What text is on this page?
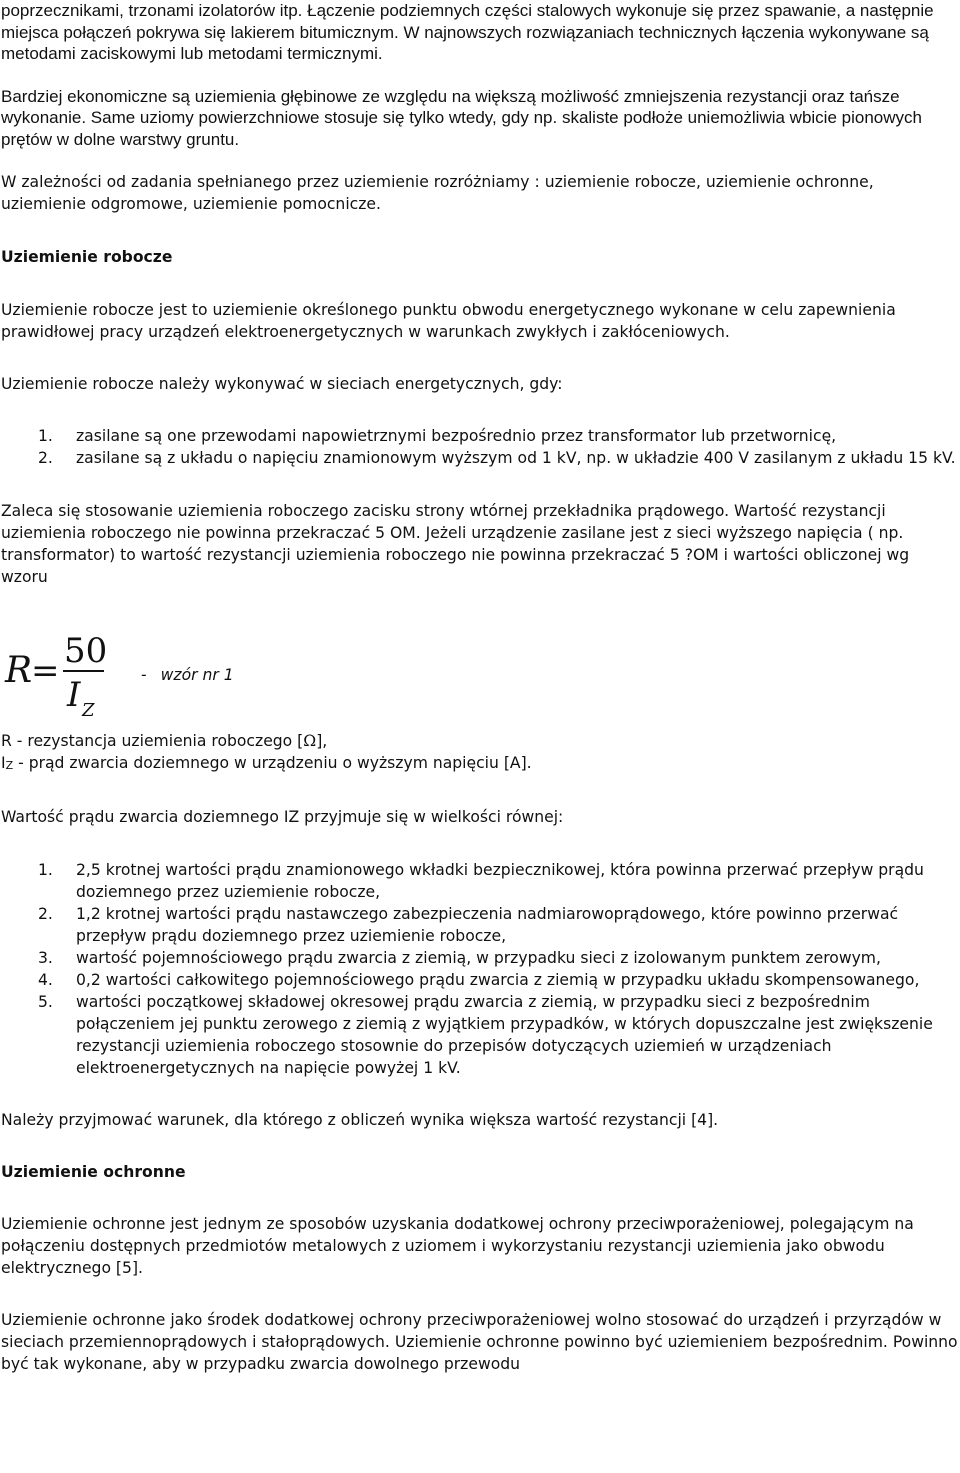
poprzecznikami, trzonami izolatorów itp. Łączenie podziemnych części stalowych wykonuje się przez spawanie, a następnie miejsca połączeń pokrywa się lakierem bitumicznym. W najnowszych rozwiązaniach technicznych łączenia wykonywane są metodami zaciskowymi lub metodami termicznymi.

Bardziej ekonomiczne są uziemienia głębinowe ze względu na większą możliwość zmniejszenia rezystancji oraz tańsze wykonanie. Same uziomy powierzchniowe stosuje się tylko wtedy, gdy np. skaliste podłoże uniemożliwia wbicie pionowych prętów w dolne warstwy gruntu.

W zależności od zadania spełnianego przez uziemienie rozróżniamy : uziemienie robocze, uziemienie ochronne, uziemienie odgromowe, uziemienie pomocnicze.

Uziemienie robocze

Uziemienie robocze jest to uziemienie określonego punktu obwodu energetycznego wykonane w celu zapewnienia prawidłowej pracy urządzeń elektroenergetycznych w warunkach zwykłych i zakłóceniowych.

Uziemienie robocze należy wykonywać w sieciach energetycznych, gdy:

1. zasilane są one przewodami napowietrznymi bezpośrednio przez transformator lub przetwornicę,
2. zasilane są z układu o napięciu znamionowym wyższym od 1 kV, np. w układzie 400 V zasilanym z układu 15 kV.

Zaleca się stosowanie uziemienia roboczego zacisku strony wtórnej przekładnika prądowego. Wartość rezystancji uziemienia roboczego nie powinna przekraczać 5 OM. Jeżeli urządzenie zasilane jest z sieci wyższego napięcia ( np. transformator) to wartość rezystancji uziemienia roboczego nie powinna przekraczać 5 ?OM i wartości obliczonej wg wzoru

R
= 50
I Z
- wzór nr 1

R - rezystancja uziemienia roboczego [Ω],

$I_Z$ - prąd zwarcia doziemnego w urządzeniu o wyższym napięciu [A].

Wartość prądu zwarcia doziemnego IZ przyjmuje się w wielkości równej:

1. 2,5 krotnej wartości prądu znamionowego wkładki bezpiecznikowej, która powinna przerwać przepływ prądu doziemnego przez uziemienie robocze,
2. 1,2 krotnej wartości prądu nastawczego zabezpieczenia nadmiarowoprądowego, które powinno przerwać przepływ prądu doziemnego przez uziemienie robocze,
3. wartość pojemnościowego prądu zwarcia z ziemią, w przypadku sieci z izolowanym punktem zerowym,
4. 0,2 wartości całkowitego pojemnościowego prądu zwarcia z ziemią w przypadku układu skompensowanego,
5. wartości początkowej składowej okresowej prądu zwarcia z ziemią, w przypadku sieci z bezpośrednim połączeniem jej punktu zerowego z ziemią z wyjątkiem przypadków, w których dopuszczalne jest zwiększenie rezystancji uziemienia roboczego stosownie do przepisów dotyczących uziemień w urządzeniach elektroenergetycznych na napięcie powyżej 1 kV.

Należy przyjmować warunek, dla którego z obliczeń wynika większa wartość rezystancji [4].

Uziemienie ochronne

Uziemienie ochronne jest jednym ze sposobów uzyskania dodatkowej ochrony przeciwporażeniowej, polegającym na połączeniu dostępnych przedmiotów metalowych z uziomem i wykorzystaniu rezystancji uziemienia jako obwodu elektrycznego [5].

Uziemienie ochronne jako środek dodatkowej ochrony przeciwporażeniowej wolno stosować do urządzeń i przyrządów w sieciach przemiennoprądowych i stałoprądowych. Uziemienie ochronne powinno być uziemieniem bezpośrednim. Powinno być tak wykonane, aby w przypadku zwarcia dowolnego przewodu
